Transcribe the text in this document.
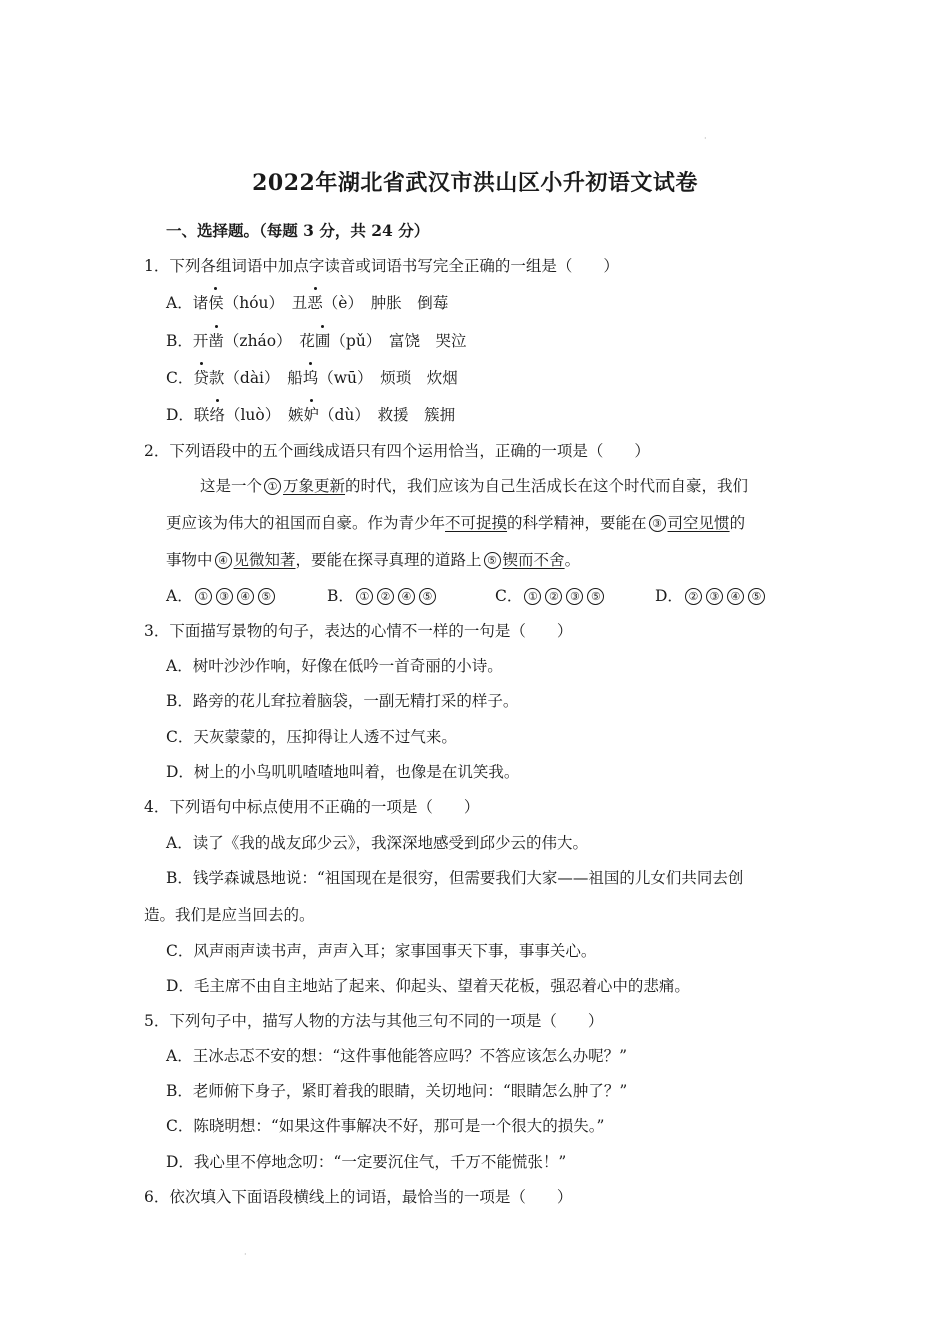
·
2022年湖北省武汉市洪山区小升初语文试卷
一、选择题。（每题 3 分，共 24 分）
1．下列各组词语中加点字读音或词语书写完全正确的一组是（　　）
A．诸侯（hóu）　丑恶（è）　肿胀　倒莓
B．开凿（zháo）　花圃（pǔ）　富饶　哭泣
C．贷款（dài）　船坞（wū）　烦琐　炊烟
D．联络（luò）　嫉妒（dù）　救援　簇拥
2．下列语段中的五个画线成语只有四个运用恰当，正确的一项是（　　）
这是一个 ① 万象更新的时代，我们应该为自己生活成长在这个时代而自豪，我们
更应该为伟大的祖国而自豪。作为青少年不可捉摸的科学精神，要能在 ③ 司空见惯的
事物中 ④ 见微知著，要能在探寻真理的道路上 ⑤ 锲而不舍。
A． ① ③ ④ ⑤	B． ① ② ④ ⑤	C． ① ② ③ ⑤	D． ② ③ ④ ⑤
3．下面描写景物的句子，表达的心情不一样的一句是（　　）
A．树叶沙沙作响，好像在低吟一首奇丽的小诗。
B．路旁的花儿耷拉着脑袋，一副无精打采的样子。
C．天灰蒙蒙的，压抑得让人透不过气来。
D．树上的小鸟叽叽喳喳地叫着，也像是在讥笑我。
4．下列语句中标点使用不正确的一项是（　　）
A．读了《我的战友邱少云》，我深深地感受到邱少云的伟大。
B．钱学森诚恳地说：“祖国现在是很穷，但需要我们大家——祖国的儿女们共同去创
造。我们是应当回去的。
C．风声雨声读书声，声声入耳；家事国事天下事，事事关心。
D．毛主席不由自主地站了起来、仰起头、望着天花板，强忍着心中的悲痛。
5．下列句子中，描写人物的方法与其他三句不同的一项是（　　）
A．王冰忐忑不安的想：“这件事他能答应吗？不答应该怎么办呢？”
B．老师俯下身子，紧盯着我的眼睛，关切地问：“眼睛怎么肿了？”
C．陈晓明想：“如果这件事解决不好，那可是一个很大的损失。”
D．我心里不停地念叨：“一定要沉住气，千万不能慌张！”
6．依次填入下面语段横线上的词语，最恰当的一项是（　　）
·
